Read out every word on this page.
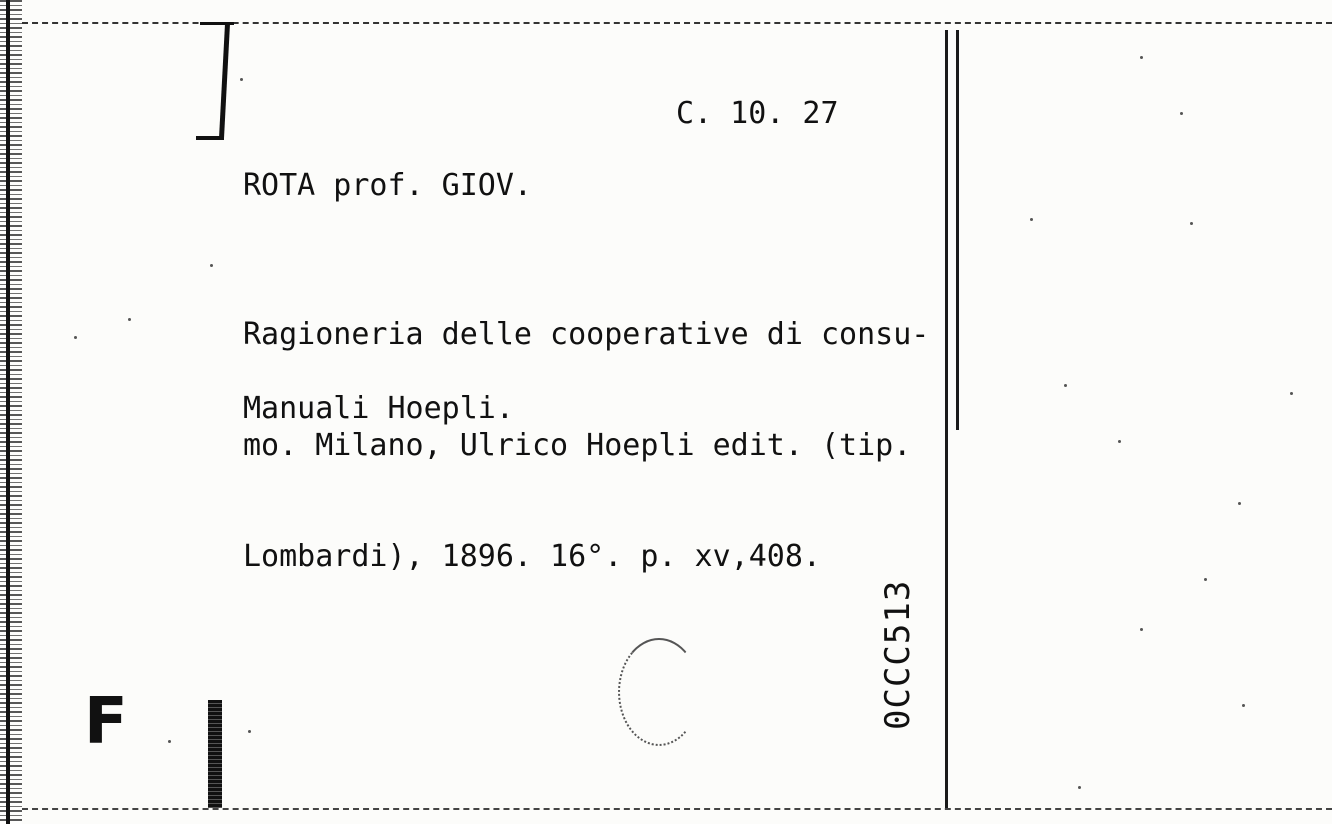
C. 10. 27
ROTA prof. GIOV.

Ragioneria delle cooperative di consu-

mo. Milano, Ulrico Hoepli edit. (tip.

Lombardi), 1896. 16°. p. xv,408.

Manuali Hoepli.
F	0CCC513
